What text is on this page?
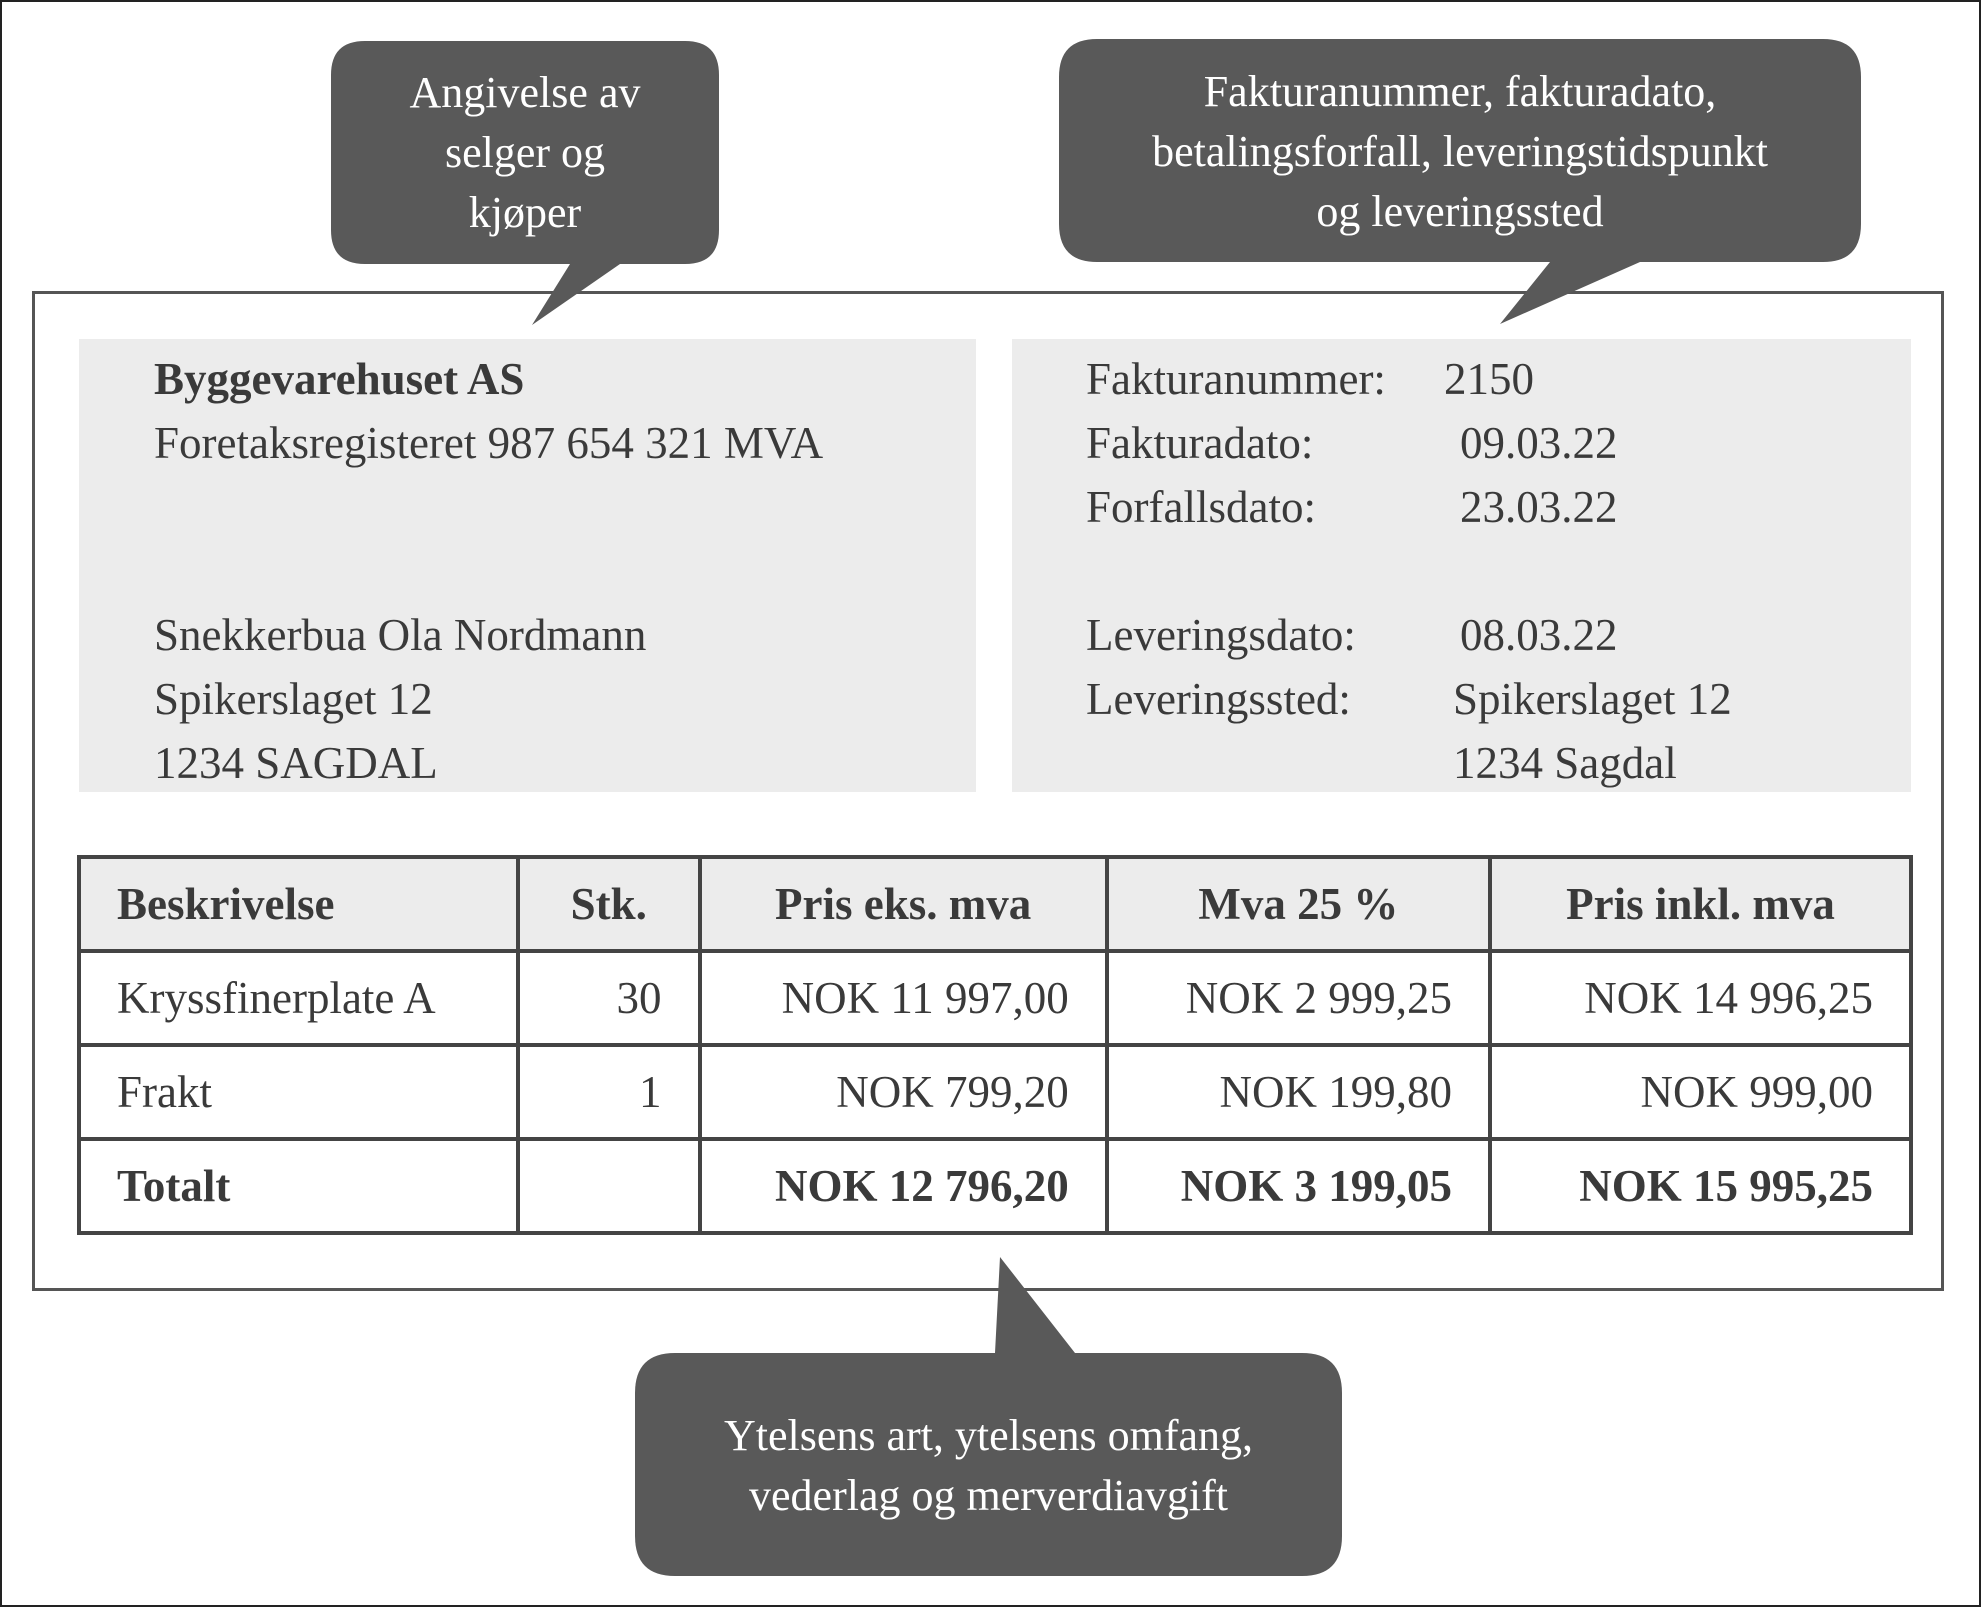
Byggevarehuset AS
Foretaksregisteret 987 654 321 MVA
Snekkerbua Ola Nordmann
Spikerslaget 12
1234 SAGDAL
Fakturanummer: 2150
Fakturadato:	09.03.22
Forfallsdato:	23.03.22
Leveringsdato: 08.03.22
Leveringssted: Spikerslaget 12
1234 Sagdal
Beskrivelse	Stk.	Pris eks. mva	Mva 25 %	Pris inkl. mva
Kryssfinerplate A	30	NOK 11 997,00	NOK 2 999,25	NOK 14 996,25
Frakt	1	NOK 799,20	NOK 199,80	NOK 999,00
Totalt		NOK 12 796,20	NOK 3 199,05	NOK 15 995,25
Angivelse av
selger og
kjøper
Fakturanummer, fakturadato,
betalingsforfall, leveringstidspunkt
og leveringssted
Ytelsens art, ytelsens omfang,
vederlag og merverdiavgift
